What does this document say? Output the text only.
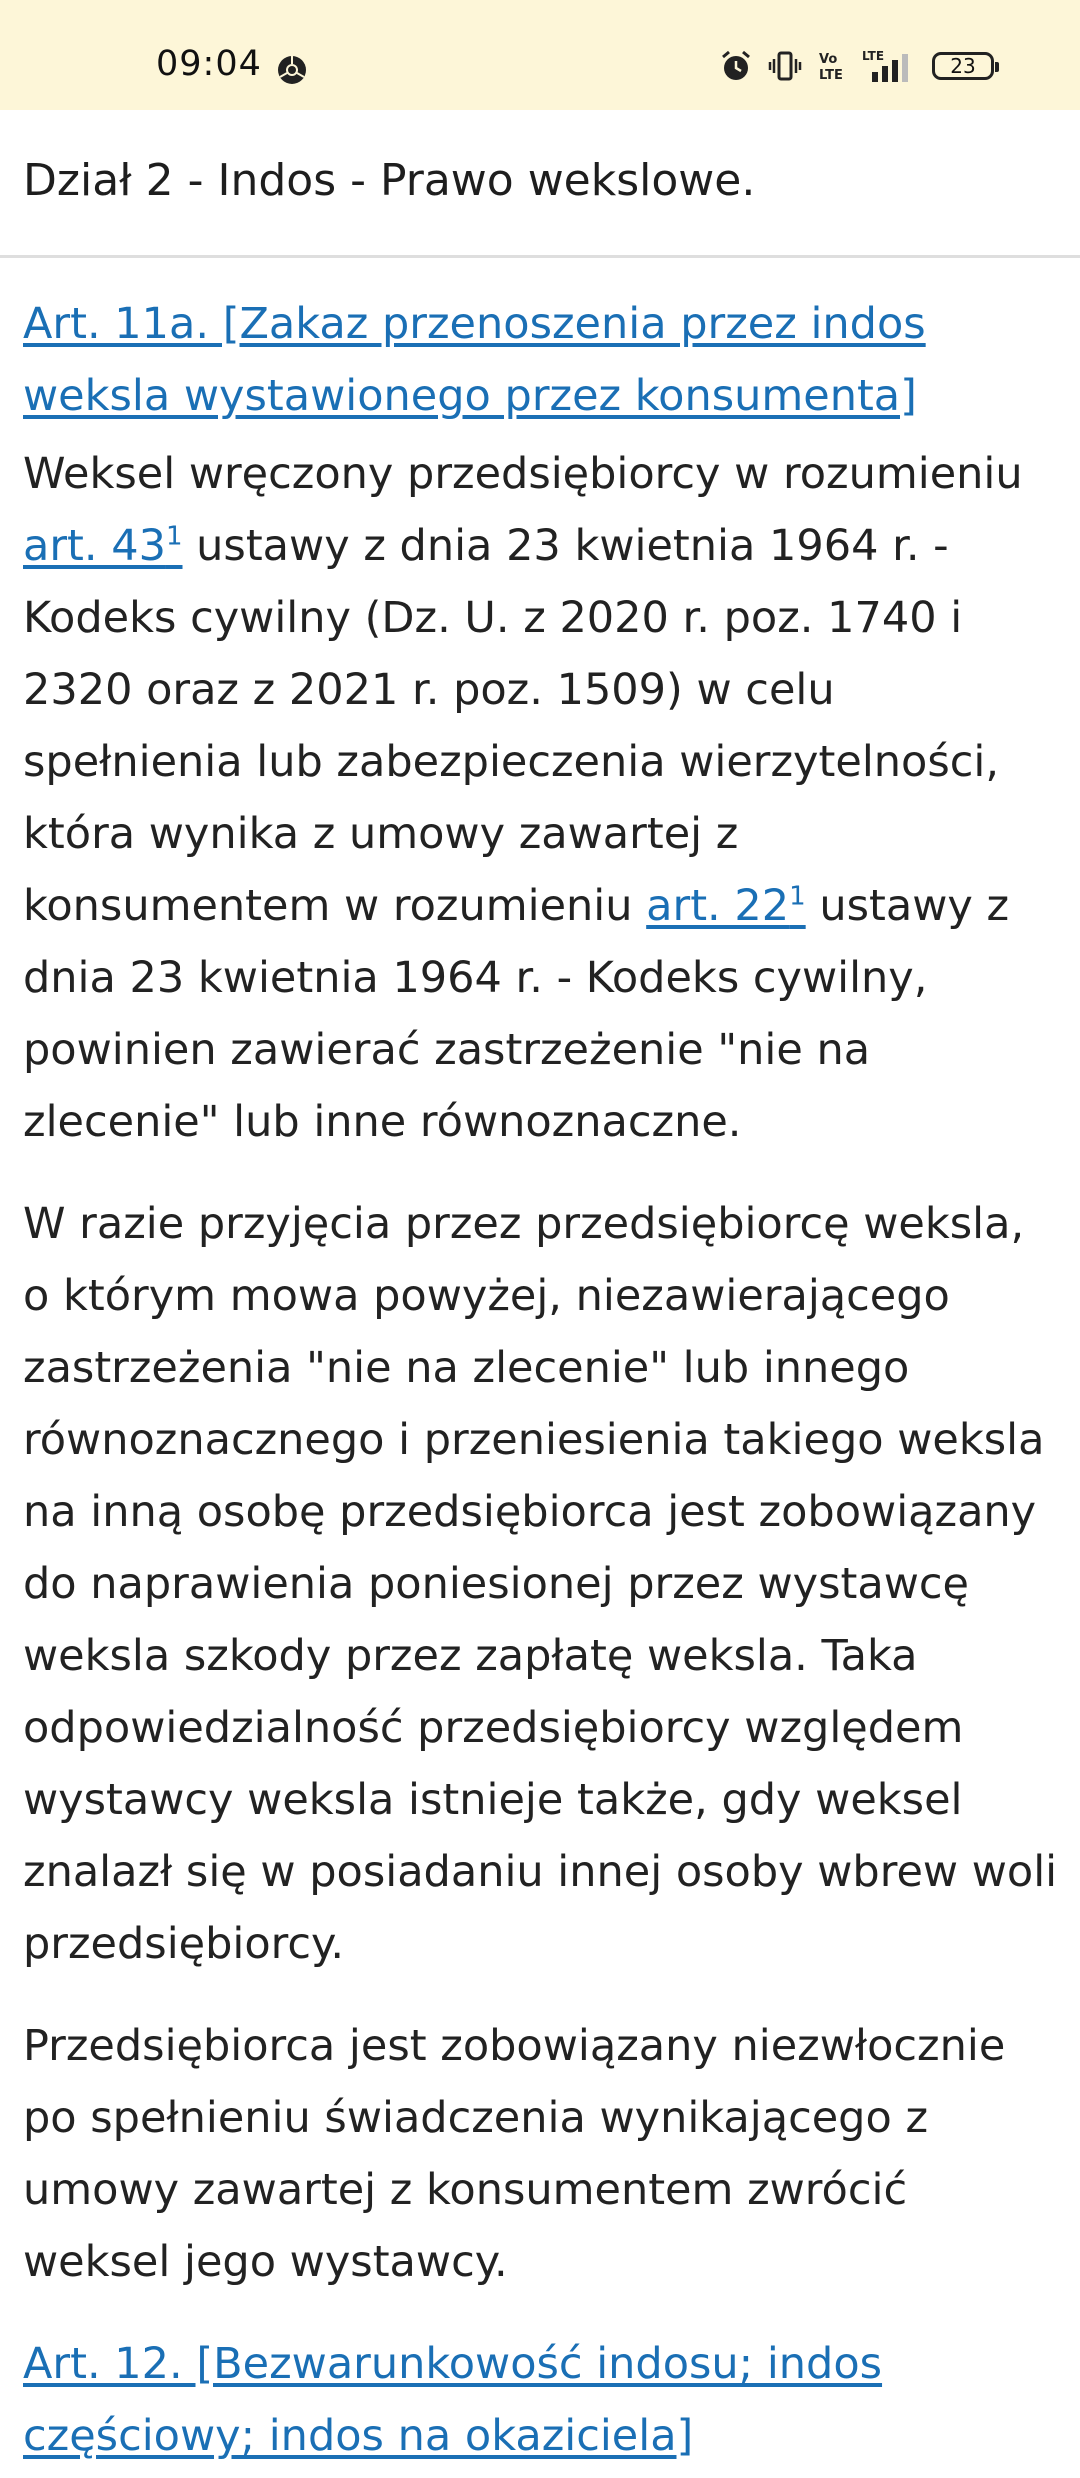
09:04	Vo
LTE
LTE	23
Dział 2 - Indos - Prawo wekslowe.
Art. 11a. [Zakaz przenoszenia przez indos
weksla wystawionego przez konsumenta]

Weksel wręczony przedsiębiorcy w rozumieniu art. $43^1$ ustawy z dnia 23 kwietnia 1964 r. - Kodeks cywilny (Dz. U. z 2020 r. poz. 1740 i 2320 oraz z 2021 r. poz. 1509) w celu spełnienia lub zabezpieczenia wierzytelności, która wynika z umowy zawartej z konsumentem w rozumieniu art. $22^1$ ustawy z dnia 23 kwietnia 1964 r. - Kodeks cywilny, powinien zawierać zastrzeżenie "nie na zlecenie" lub inne równoznaczne.

W razie przyjęcia przez przedsiębiorcę weksla, o którym mowa powyżej, niezawierającego zastrzeżenia "nie na zlecenie" lub innego równoznacznego i przeniesienia takiego weksla na inną osobę przedsiębiorca jest zobowiązany do naprawienia poniesionej przez wystawcę weksla szkody przez zapłatę weksla. Taka odpowiedzialność przedsiębiorcy względem wystawcy weksla istnieje także, gdy weksel znalazł się w posiadaniu innej osoby wbrew woli przedsiębiorcy.

Przedsiębiorca jest zobowiązany niezwłocznie po spełnieniu świadczenia wynikającego z umowy zawartej z konsumentem zwrócić weksel jego wystawcy.

Art. 12. [Bezwarunkowość indosu; indos
częściowy; indos na okaziciela]
